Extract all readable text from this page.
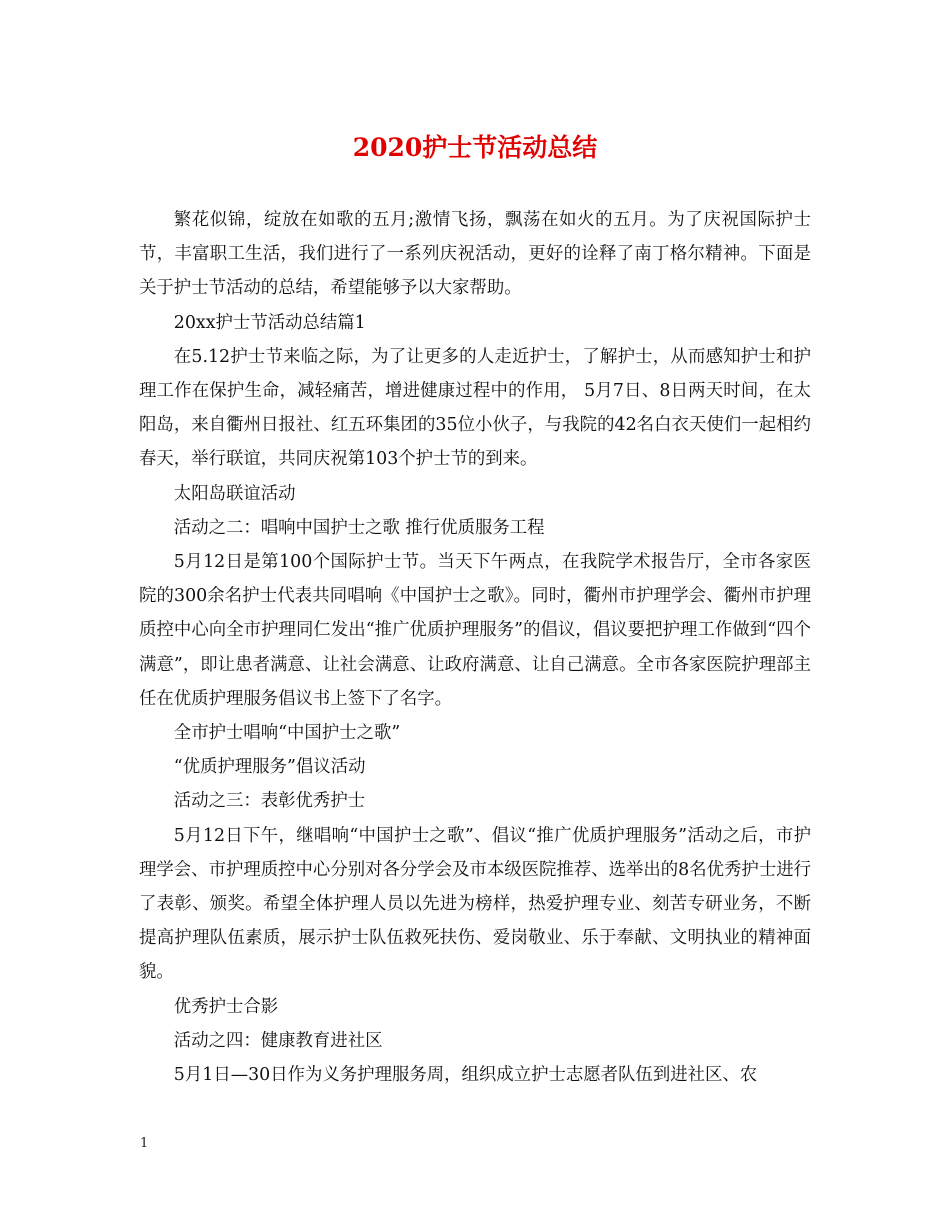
2020护士节活动总结

繁花似锦，绽放在如歌的五月;激情飞扬，飘荡在如火的五月。为了庆祝国际护士节，丰富职工生活，我们进行了一系列庆祝活动，更好的诠释了南丁格尔精神。下面是关于护士节活动的总结，希望能够予以大家帮助。

20xx护士节活动总结篇1

在5.12护士节来临之际，为了让更多的人走近护士，了解护士，从而感知护士和护理工作在保护生命，减轻痛苦，增进健康过程中的作用， 5月7日、8日两天时间，在太阳岛，来自衢州日报社、红五环集团的35位小伙子，与我院的42名白衣天使们一起相约春天，举行联谊，共同庆祝第103个护士节的到来。

太阳岛联谊活动

活动之二：唱响中国护士之歌 推行优质服务工程

5月12日是第100个国际护士节。当天下午两点，在我院学术报告厅，全市各家医院的300余名护士代表共同唱响《中国护士之歌》。同时，衢州市护理学会、衢州市护理质控中心向全市护理同仁发出“推广优质护理服务”的倡议，倡议要把护理工作做到“四个满意”，即让患者满意、让社会满意、让政府满意、让自己满意。全市各家医院护理部主任在优质护理服务倡议书上签下了名字。

全市护士唱响“中国护士之歌”

“优质护理服务”倡议活动

活动之三：表彰优秀护士

5月12日下午，继唱响“中国护士之歌”、倡议“推广优质护理服务”活动之后，市护理学会、市护理质控中心分别对各分学会及市本级医院推荐、选举出的8名优秀护士进行了表彰、颁奖。希望全体护理人员以先进为榜样，热爱护理专业、刻苦专研业务，不断提高护理队伍素质，展示护士队伍救死扶伤、爱岗敬业、乐于奉献、文明执业的精神面貌。

优秀护士合影

活动之四：健康教育进社区

5月1日—30日作为义务护理服务周，组织成立护士志愿者队伍到进社区、农

1
